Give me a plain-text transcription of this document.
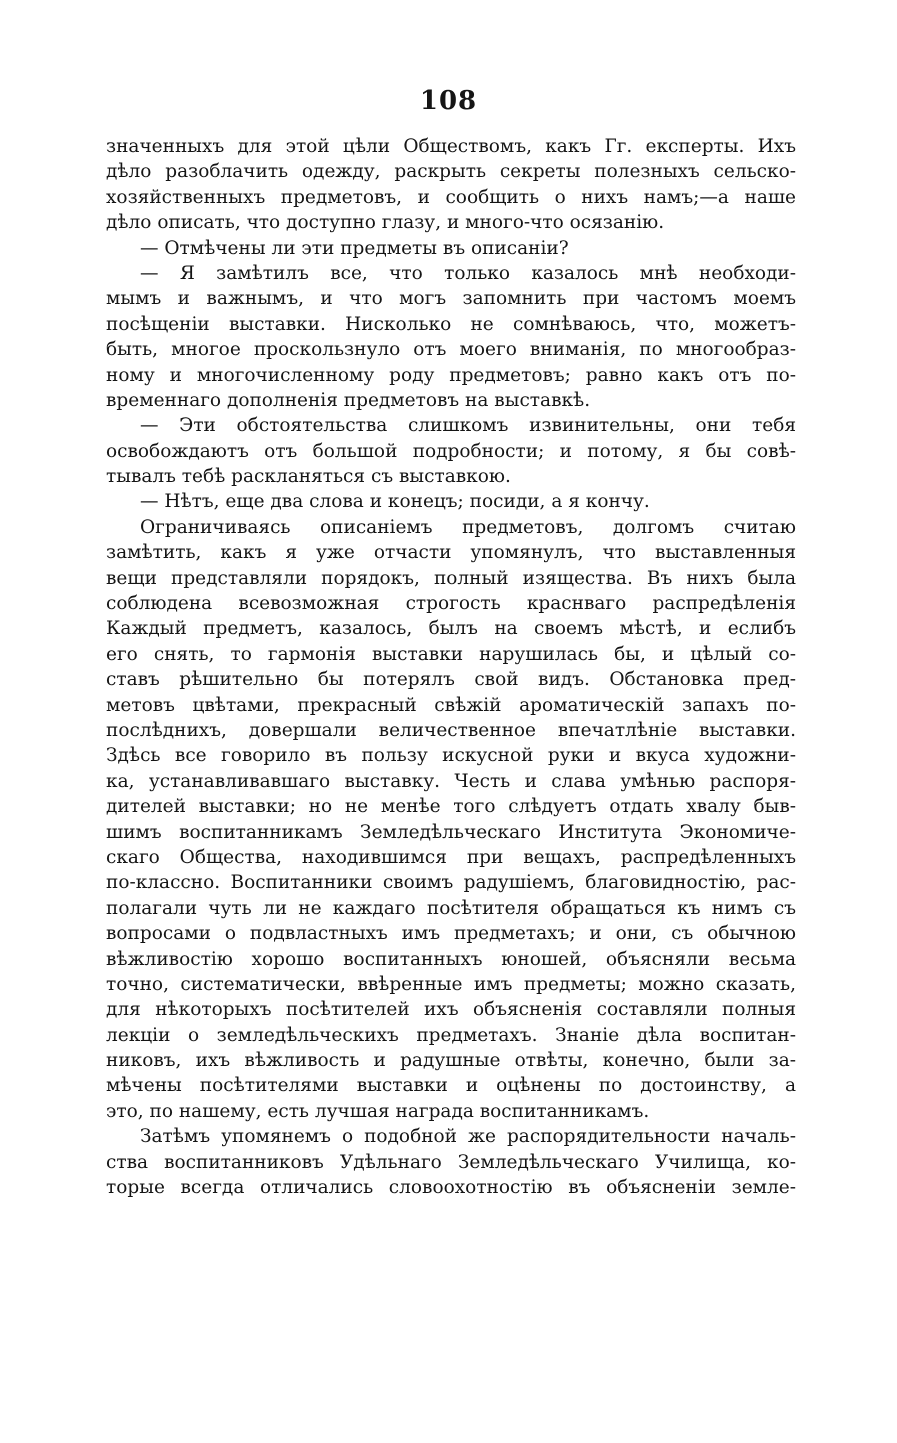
108
значенныхъ для этой цѣли Обществомъ, какъ Гг. експерты. Ихъ
дѣло разоблачить одежду, раскрыть секреты полезныхъ сельско-
хозяйственныхъ предметовъ, и сообщить о нихъ намъ;—а наше
дѣло описать, что доступно глазу, и много-что осязанію.
— Отмѣчены ли эти предметы въ описаніи?
— Я замѣтилъ все, что только казалось мнѣ необходи-
мымъ и важнымъ, и что могъ запомнить при частомъ моемъ
посѣщеніи выставки. Нисколько не сомнѣваюсь, что, можетъ-
быть, многое проскользнуло отъ моего вниманія, по многообраз-
ному и многочисленному роду предметовъ; равно какъ отъ по-
временнаго дополненія предметовъ на выставкѣ.
— Эти обстоятельства слишкомъ извинительны, они тебя
освобождаютъ отъ большой подробности; и потому, я бы совѣ-
тывалъ тебѣ раскланяться съ выставкою.
— Нѣтъ, еще два слова и конецъ; посиди, а я кончу.
Ограничиваясь описаніемъ предметовъ, долгомъ считаю
замѣтить, какъ я уже отчасти упомянулъ, что выставленныя
вещи представляли порядокъ, полный изящества. Въ нихъ была
соблюдена всевозможная строгость краснваго распредѣленія
Каждый предметъ, казалось, былъ на своемъ мѣстѣ, и еслибъ
его снять, то гармонія выставки нарушилась бы, и цѣлый со-
ставъ рѣшительно бы потерялъ свой видъ. Обстановка пред-
метовъ цвѣтами, прекрасный свѣжій ароматическій запахъ по-
послѣднихъ, довершали величественное впечатлѣніе выставки.
Здѣсь все говорило въ пользу искусной руки и вкуса художни-
ка, устанавливавшаго выставку. Честь и слава умѣнью распоря-
дителей выставки; но не менѣе того слѣдуетъ отдать хвалу быв-
шимъ воспитанникамъ Земледѣльческаго Института Экономиче-
скаго Общества, находившимся при вещахъ, распредѣленныхъ
по-классно. Воспитанники своимъ радушіемъ, благовидностію, рас-
полагали чуть ли не каждаго посѣтителя обращаться къ нимъ съ
вопросами о подвластныхъ имъ предметахъ; и они, съ обычною
вѣжливостію хорошо воспитанныхъ юношей, объясняли весьма
точно, систематически, ввѣренные имъ предметы; можно сказать,
для нѣкоторыхъ посѣтителей ихъ объясненія составляли полныя
лекціи о земледѣльческихъ предметахъ. Знаніе дѣла воспитан-
никовъ, ихъ вѣжливость и радушные отвѣты, конечно, были за-
мѣчены посѣтителями выставки и оцѣнены по достоинству, а
это, по нашему, есть лучшая награда воспитанникамъ.
Затѣмъ упомянемъ о подобной же распорядительности началь-
ства воспитанниковъ Удѣльнаго Земледѣльческаго Училища, ко-
торые всегда отличались словоохотностію въ объясненіи земле-
